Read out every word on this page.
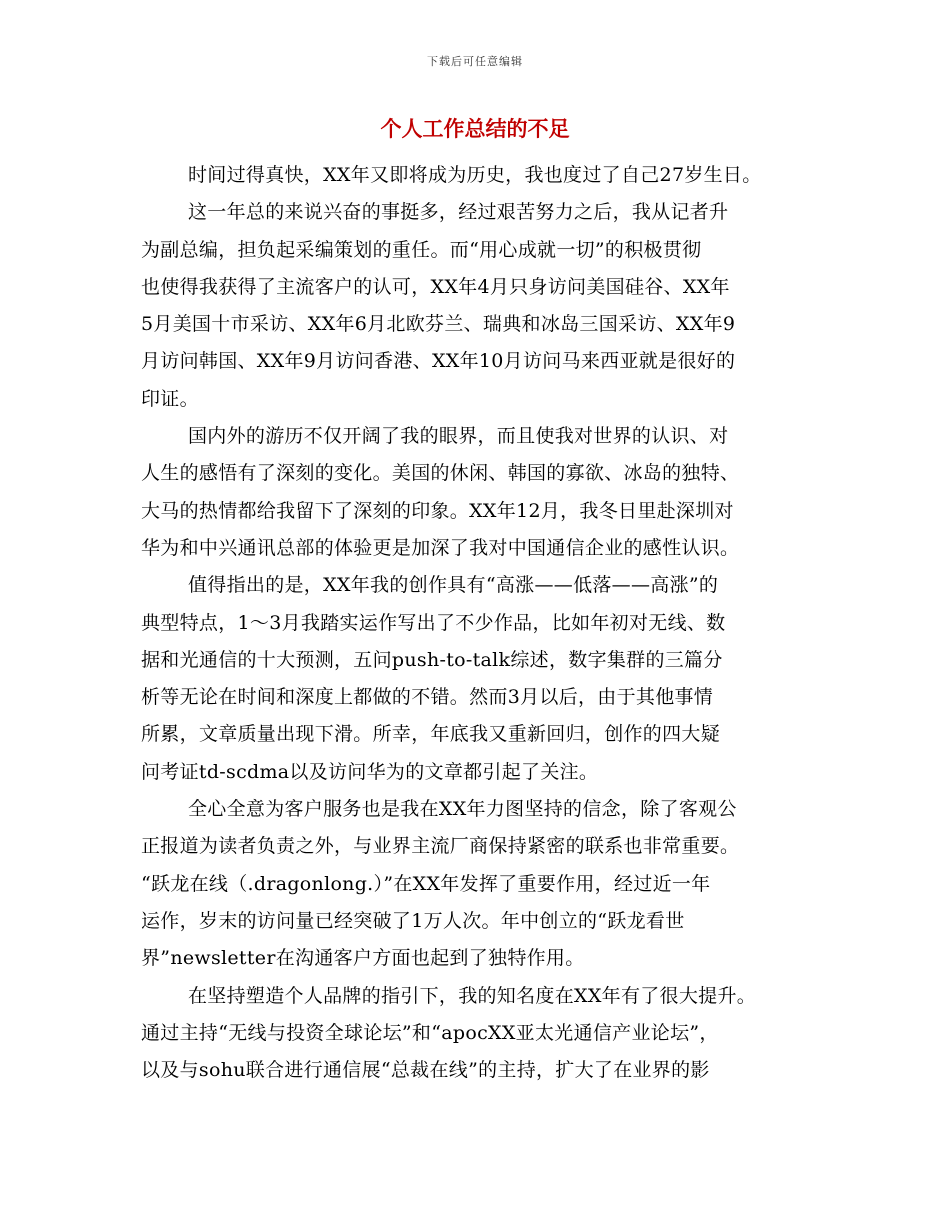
下载后可任意编辑
个人工作总结的不足
时间过得真快，XX年又即将成为历史，我也度过了自己27岁生日。
这一年总的来说兴奋的事挺多，经过艰苦努力之后，我从记者升
为副总编，担负起采编策划的重任。而“用心成就一切”的积极贯彻
也使得我获得了主流客户的认可，XX年4月只身访问美国硅谷、XX年
5月美国十市采访、XX年6月北欧芬兰、瑞典和冰岛三国采访、XX年9
月访问韩国、XX年9月访问香港、XX年10月访问马来西亚就是很好的
印证。
国内外的游历不仅开阔了我的眼界，而且使我对世界的认识、对
人生的感悟有了深刻的变化。美国的休闲、韩国的寡欲、冰岛的独特、
大马的热情都给我留下了深刻的印象。XX年12月，我冬日里赴深圳对
华为和中兴通讯总部的体验更是加深了我对中国通信企业的感性认识。
值得指出的是，XX年我的创作具有“高涨——低落——高涨”的
典型特点，1～3月我踏实运作写出了不少作品，比如年初对无线、数
据和光通信的十大预测，五问push-to-talk综述，数字集群的三篇分
析等无论在时间和深度上都做的不错。然而3月以后，由于其他事情
所累，文章质量出现下滑。所幸，年底我又重新回归，创作的四大疑
问考证td-scdma以及访问华为的文章都引起了关注。
全心全意为客户服务也是我在XX年力图坚持的信念，除了客观公
正报道为读者负责之外，与业界主流厂商保持紧密的联系也非常重要。
“跃龙在线（.dragonlong.）”在XX年发挥了重要作用，经过近一年
运作，岁末的访问量已经突破了1万人次。年中创立的“跃龙看世
界”newsletter在沟通客户方面也起到了独特作用。
在坚持塑造个人品牌的指引下，我的知名度在XX年有了很大提升。
通过主持“无线与投资全球论坛”和“apocXX亚太光通信产业论坛”，
以及与sohu联合进行通信展“总裁在线”的主持，扩大了在业界的影
